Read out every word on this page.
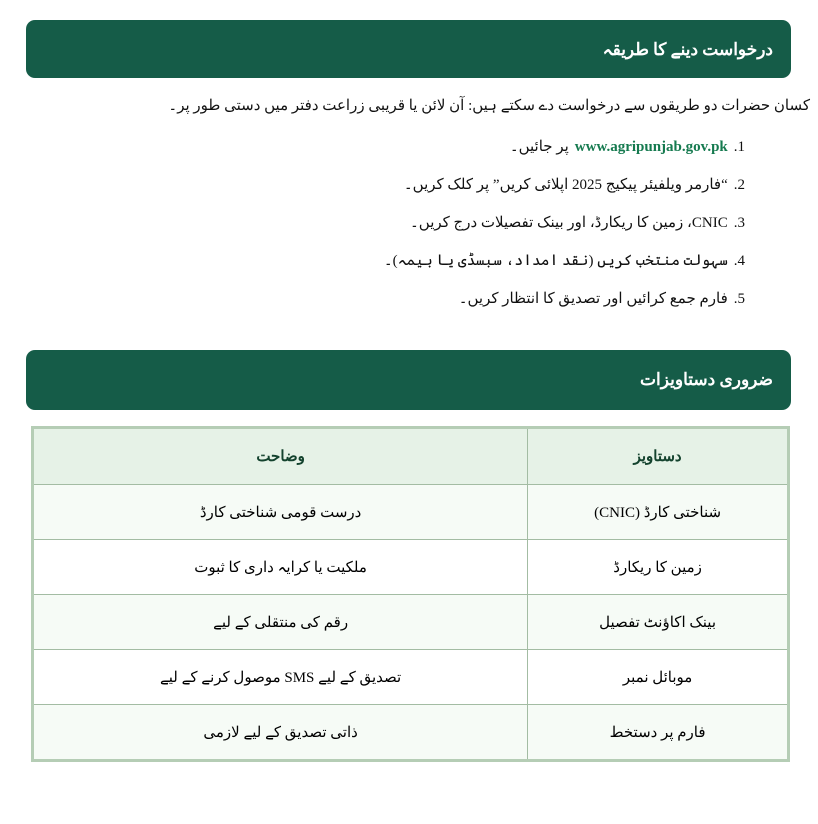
درخواست دینے کا طریقہ

کسان حضرات دو طریقوں سے درخواست دے سکتے ہیں: آن لائن یا قریبی زراعت دفتر میں دستی طور پر۔

1.www.agripunjab.gov.pkپر جائیں۔
2.“فارمر ویلفیئر پیکیج 2025 اپلائی کریں” پر کلک کریں۔
3.CNIC، زمین کا ریکارڈ، اور بینک تفصیلات درج کریں۔
4.سہولت منتخب کریں (نقد امداد، سبسڈی یا بیمہ)۔
5.فارم جمع کرائیں اور تصدیق کا انتظار کریں۔
ضروری دستاویزات
دستاویز	وضاحت
شناختی کارڈ (CNIC)	درست قومی شناختی کارڈ
زمین کا ریکارڈ	ملکیت یا کرایہ داری کا ثبوت
بینک اکاؤنٹ تفصیل	رقم کی منتقلی کے لیے
موبائل نمبر	تصدیق کے لیے SMS موصول کرنے کے لیے
فارم پر دستخط	ذاتی تصدیق کے لیے لازمی
